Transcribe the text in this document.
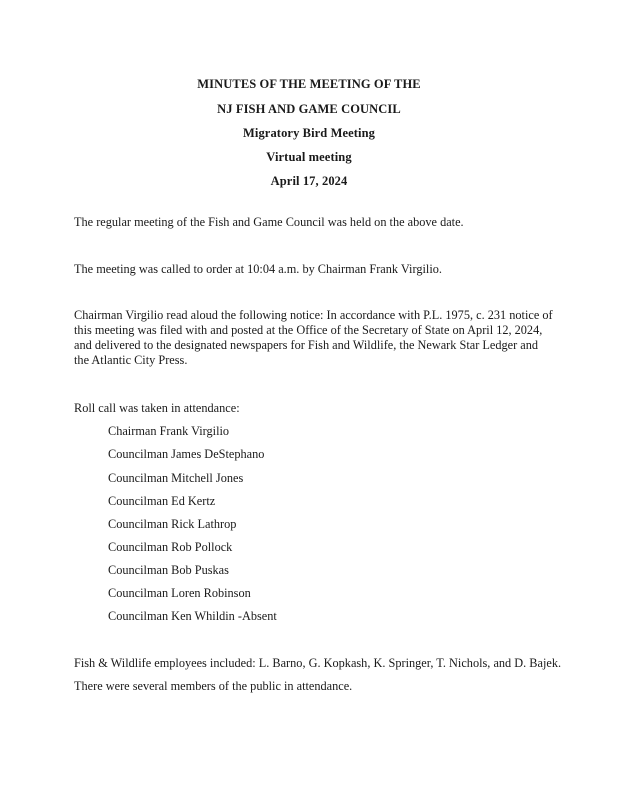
MINUTES OF THE MEETING OF THE
NJ FISH AND GAME COUNCIL
Migratory Bird Meeting
Virtual meeting
April 17, 2024
The regular meeting of the Fish and Game Council was held on the above date.
The meeting was called to order at 10:04 a.m. by Chairman Frank Virgilio.
Chairman Virgilio read aloud the following notice: In accordance with P.L. 1975, c. 231 notice of this meeting was filed with and posted at the Office of the Secretary of State on April 12, 2024, and delivered to the designated newspapers for Fish and Wildlife, the Newark Star Ledger and the Atlantic City Press.
Roll call was taken in attendance:
Chairman Frank Virgilio
Councilman James DeStephano
Councilman Mitchell Jones
Councilman Ed Kertz
Councilman Rick Lathrop
Councilman Rob Pollock
Councilman Bob Puskas
Councilman Loren Robinson
Councilman Ken Whildin -Absent
Fish & Wildlife employees included: L. Barno, G. Kopkash, K. Springer, T. Nichols, and D. Bajek.
There were several members of the public in attendance.
